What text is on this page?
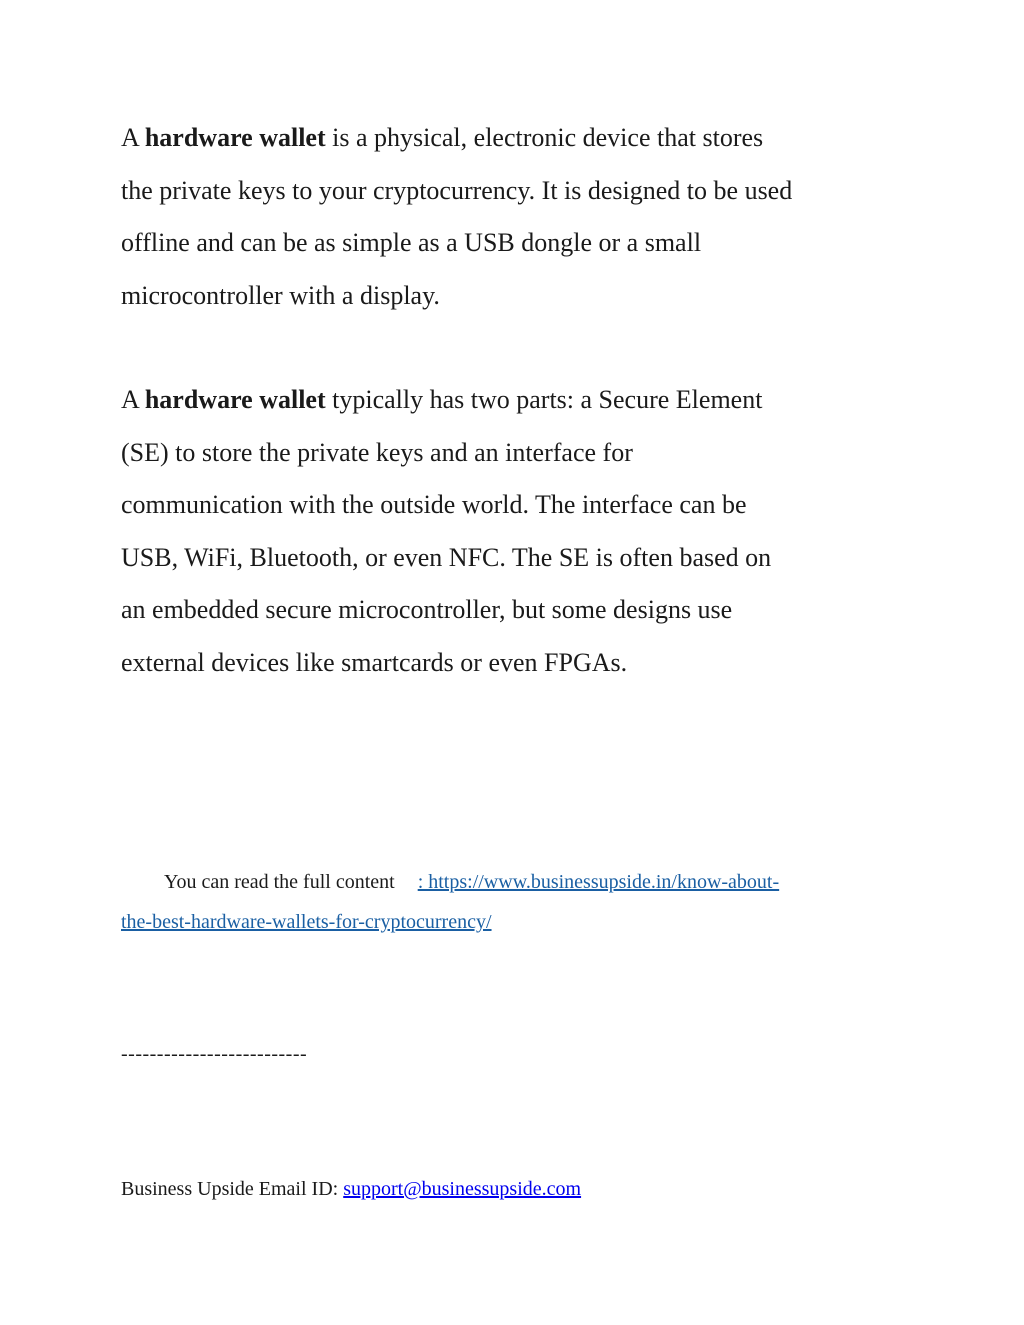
A hardware wallet is a physical, electronic device that stores
the private keys to your cryptocurrency. It is designed to be used
offline and can be as simple as a USB dongle or a small
microcontroller with a display.

A hardware wallet typically has two parts: a Secure Element
(SE) to store the private keys and an interface for
communication with the outside world. The interface can be
USB, WiFi, Bluetooth, or even NFC. The SE is often based on
an embedded secure microcontroller, but some designs use
external devices like smartcards or even FPGAs.

You can read the full content : https://www.businessupside.in/know-about-
the-best-hardware-wallets-for-cryptocurrency/
--------------------------
Business Upside Email ID: support@businessupside.com
